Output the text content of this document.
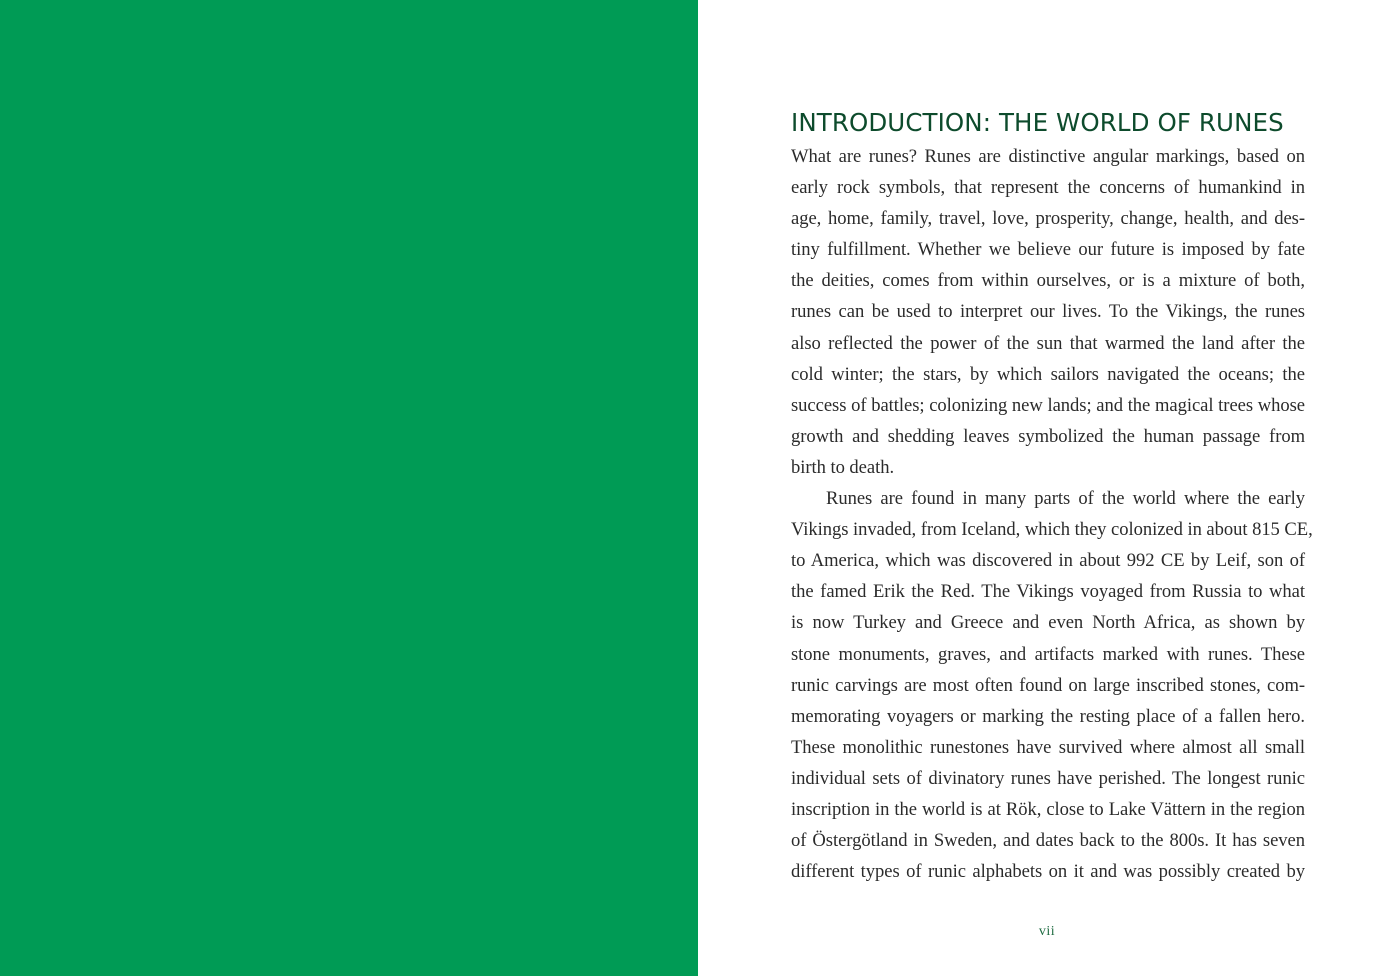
INTRODUCTION: THE WORLD OF RUNES
What are runes? Runes are distinctive angular markings, based on
early rock symbols, that represent the concerns of humankind in
age, home, family, travel, love, prosperity, change, health, and des-
tiny fulfillment. Whether we believe our future is imposed by fate
the deities, comes from within ourselves, or is a mixture of both,
runes can be used to interpret our lives. To the Vikings, the runes
also reflected the power of the sun that warmed the land after the
cold winter; the stars, by which sailors navigated the oceans; the
success of battles; colonizing new lands; and the magical trees whose
growth and shedding leaves symbolized the human passage from
birth to death.
Runes are found in many parts of the world where the early
Vikings invaded, from Iceland, which they colonized in about 815 CE,
to America, which was discovered in about 992 CE by Leif, son of
the famed Erik the Red. The Vikings voyaged from Russia to what
is now Turkey and Greece and even North Africa, as shown by
stone monuments, graves, and artifacts marked with runes. These
runic carvings are most often found on large inscribed stones, com-
memorating voyagers or marking the resting place of a fallen hero.
These monolithic runestones have survived where almost all small
individual sets of divinatory runes have perished. The longest runic
inscription in the world is at Rök, close to Lake Vättern in the region
of Östergötland in Sweden, and dates back to the 800s. It has seven
different types of runic alphabets on it and was possibly created by
vii
